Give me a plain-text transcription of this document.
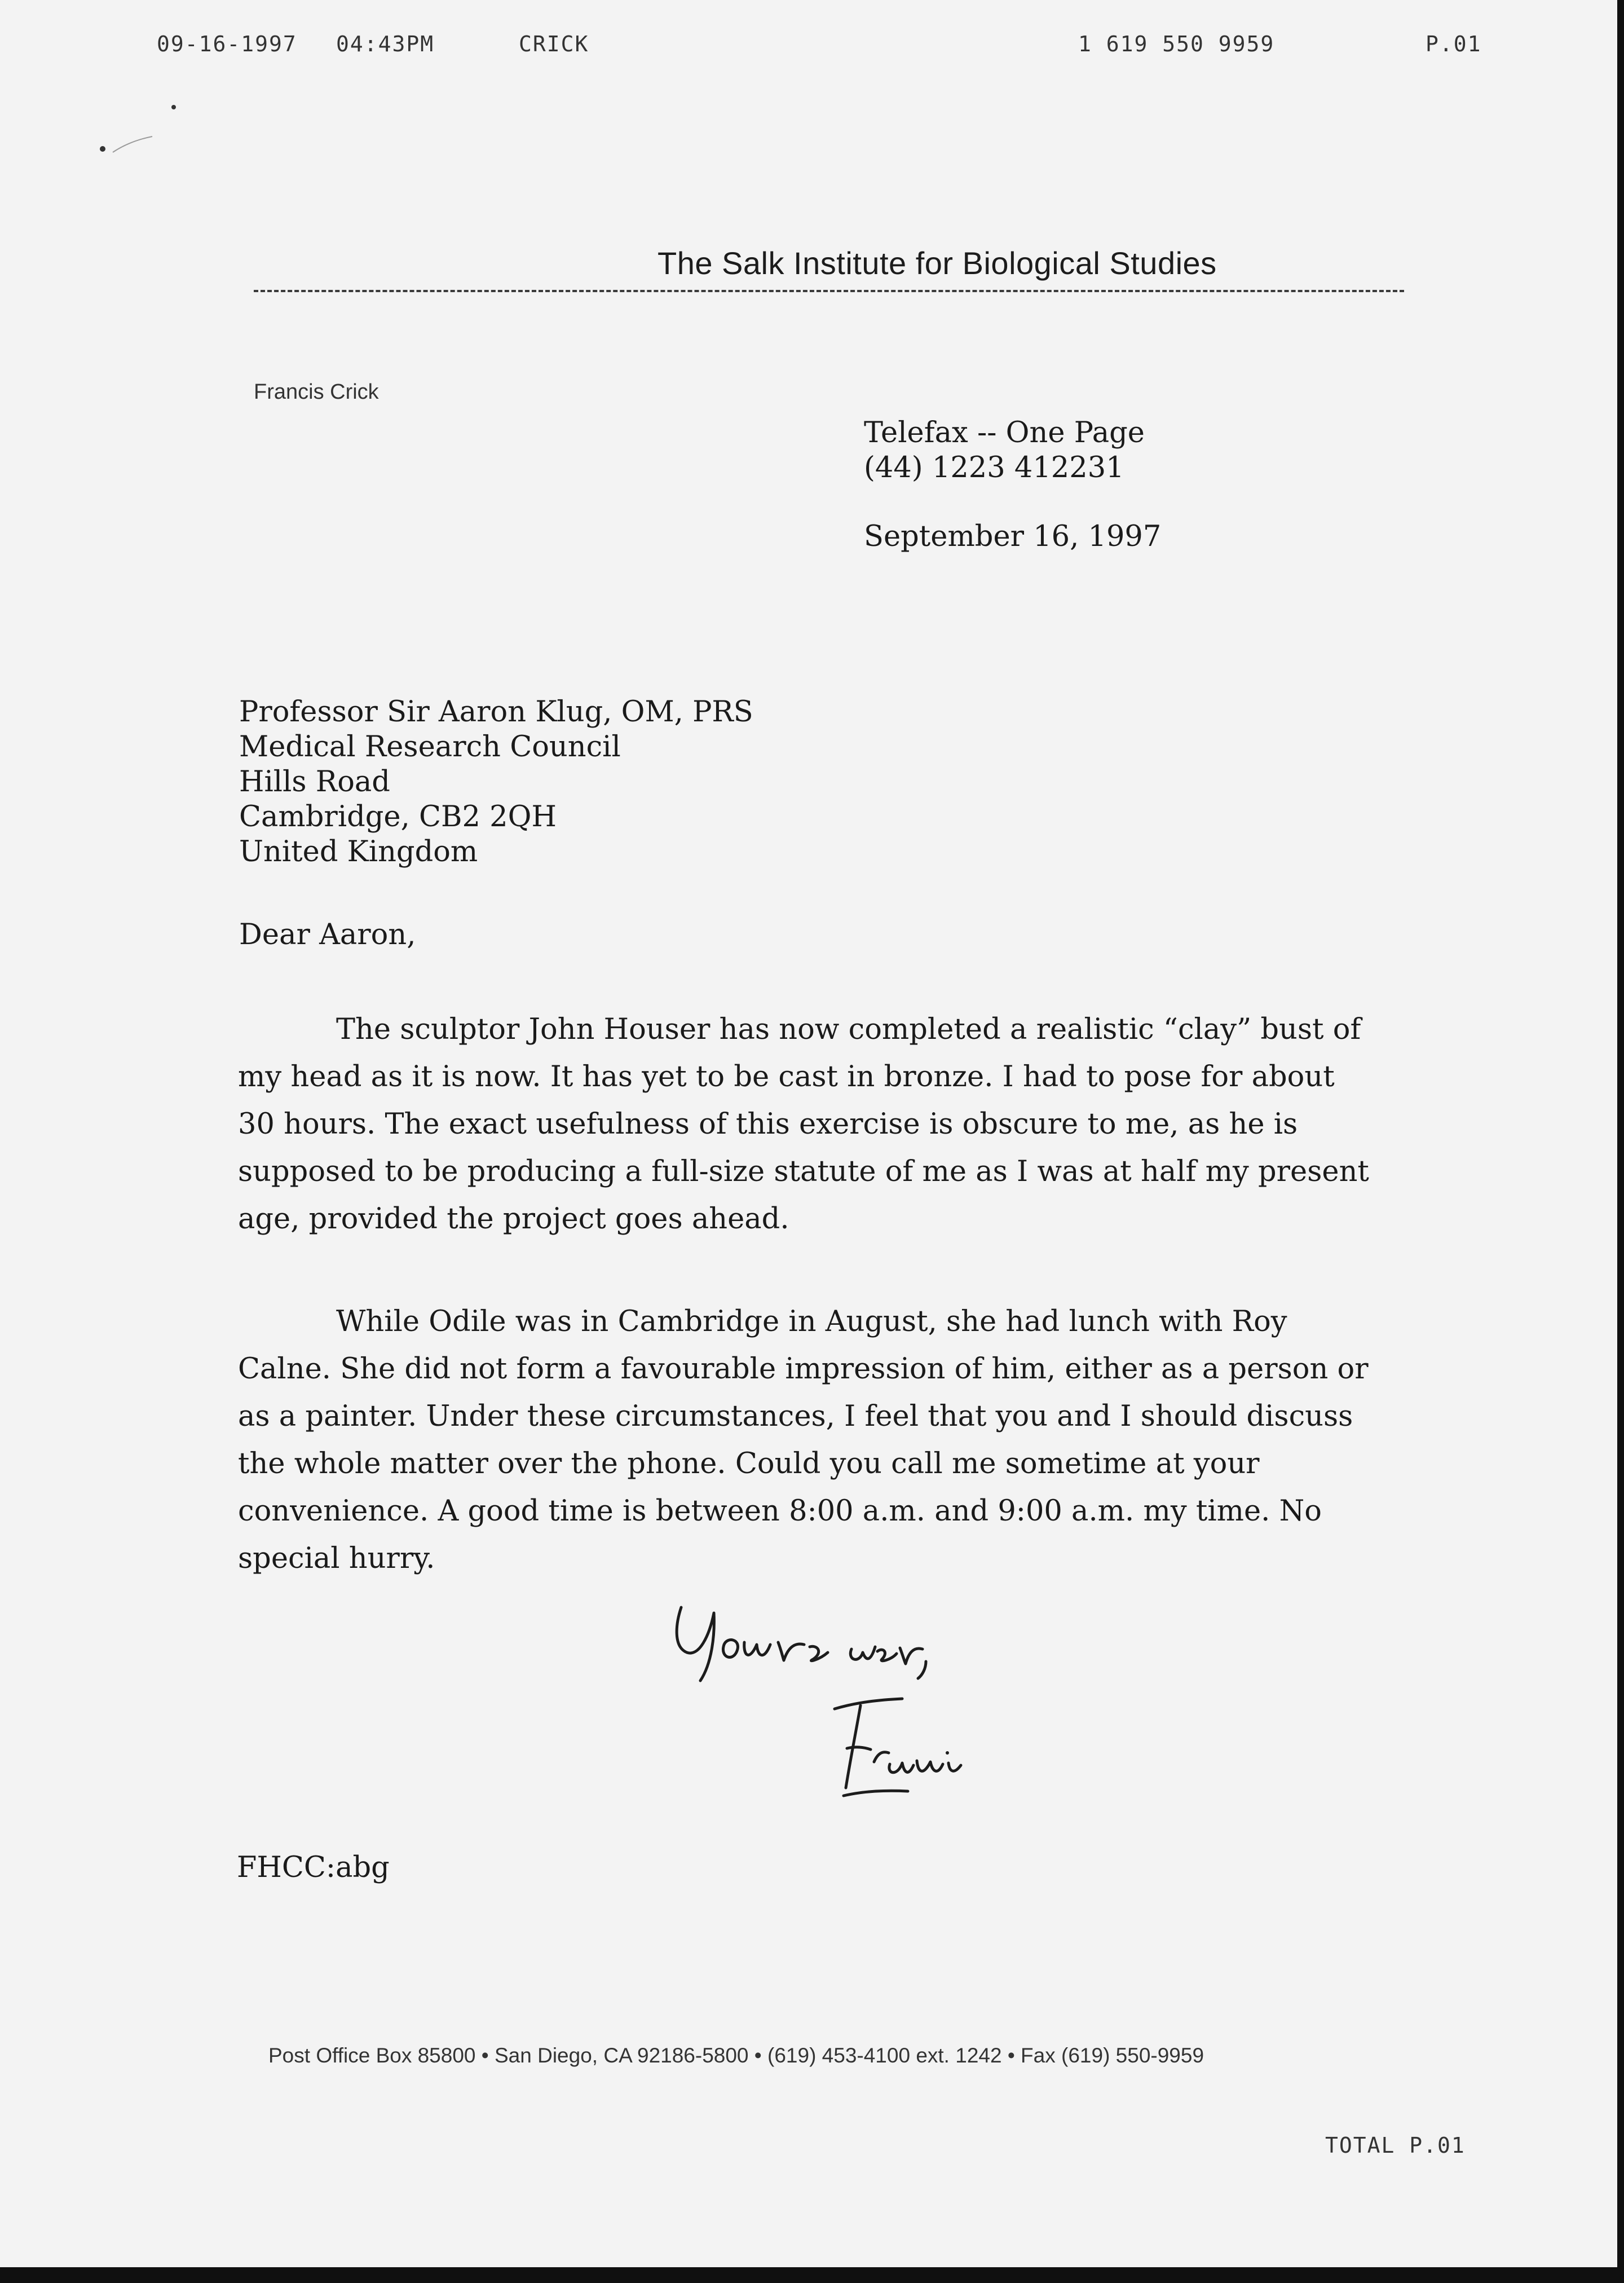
09-16-1997 04:43PM	CRICK	1 619 550 9959	P.01
The Salk Institute for Biological Studies
Francis Crick
Telefax -- One Page
(44) 1223 412231
September 16, 1997
Professor Sir Aaron Klug, OM, PRS
Medical Research Council
Hills Road
Cambridge, CB2 2QH
United Kingdom
Dear Aaron,
The sculptor John Houser has now completed a realistic “clay” bust of my head as it is now. It has yet to be cast in bronze. I had to pose for about 30 hours. The exact usefulness of this exercise is obscure to me, as he is supposed to be producing a full-size statute of me as I was at half my present age, provided the project goes ahead.
While Odile was in Cambridge in August, she had lunch with Roy Calne. She did not form a favourable impression of him, either as a person or as a painter. Under these circumstances, I feel that you and I should discuss the whole matter over the phone. Could you call me sometime at your convenience. A good time is between 8:00 a.m. and 9:00 a.m. my time. No special hurry.
FHCC:abg
Post Office Box 85800 • San Diego, CA 92186-5800 • (619) 453-4100 ext. 1242 • Fax (619) 550-9959
TOTAL P.01
